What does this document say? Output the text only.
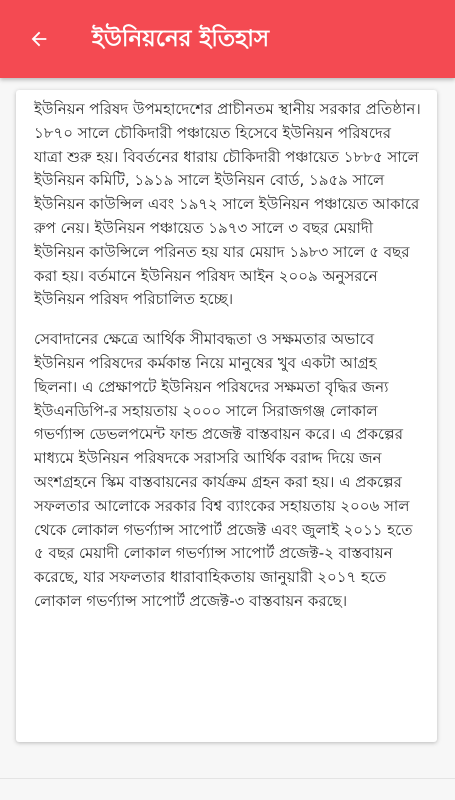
ইউনিয়নের ইতিহাস

ইউনিয়ন পরিষদ উপমহাদেশের প্রাচীনতম স্থানীয় সরকার প্রতিষ্ঠান। ১৮৭০ সালে চৌকিদারী পঞ্চায়েত হিসেবে ইউনিয়ন পরিষদের যাত্রা শুরু হয়। বিবর্তনের ধারায় চৌকিদারী পঞ্চায়েত ১৮৮৫ সালে ইউনিয়ন কমিটি, ১৯১৯ সালে ইউনিয়ন বোর্ড, ১৯৫৯ সালে ইউনিয়ন কাউন্সিল এবং ১৯৭২ সালে ইউনিয়ন পঞ্চায়েত আকারে রুপ নেয়। ইউনিয়ন পঞ্চায়েত ১৯৭৩ সালে ৩ বছর মেয়াদী ইউনিয়ন কাউন্সিলে পরিনত হয় যার মেয়াদ ১৯৮৩ সালে ৫ বছর করা হয়। বর্তমানে ইউনিয়ন পরিষদ আইন ২০০৯ অনুসরনে ইউনিয়ন পরিষদ পরিচালিত হচ্ছে।

সেবাদানের ক্ষেত্রে আর্থিক সীমাবদ্ধতা ও সক্ষমতার অভাবে ইউনিয়ন পরিষদের কর্মকান্ত নিয়ে মানুষের খুব একটা আগ্রহ ছিলনা। এ প্রেক্ষাপটে ইউনিয়ন পরিষদের সক্ষমতা বৃদ্ধির জন্য ইউএনডিপি-র সহায়তায় ২০০০ সালে সিরাজগঞ্জ লোকাল গভর্ণ্যান্স ডেভলপমেন্ট ফান্ড প্রজেক্ট বাস্তবায়ন করে। এ প্রকল্পের মাধ্যমে ইউনিয়ন পরিষদকে সরাসরি আর্থিক বরাদ্দ দিয়ে জন অংশগ্রহনে স্কিম বাস্তবায়নের কার্যক্রম গ্রহন করা হয়। এ প্রকল্পের সফলতার আলোকে সরকার বিশ্ব ব্যাংকের সহায়তায় ২০০৬ সাল থেকে লোকাল গভর্ণ্যান্স সাপোর্ট প্রজেক্ট এবং জুলাই ২০১১ হতে ৫ বছর মেয়াদী লোকাল গভর্ণ্যান্স সাপোর্ট প্রজেক্ট-২ বাস্তবায়ন করেছে, যার সফলতার ধারাবাহিকতায় জানুয়ারী ২০১৭ হতে লোকাল গভর্ণ্যান্স সাপোর্ট প্রজেক্ট-৩ বাস্তবায়ন করছে।
